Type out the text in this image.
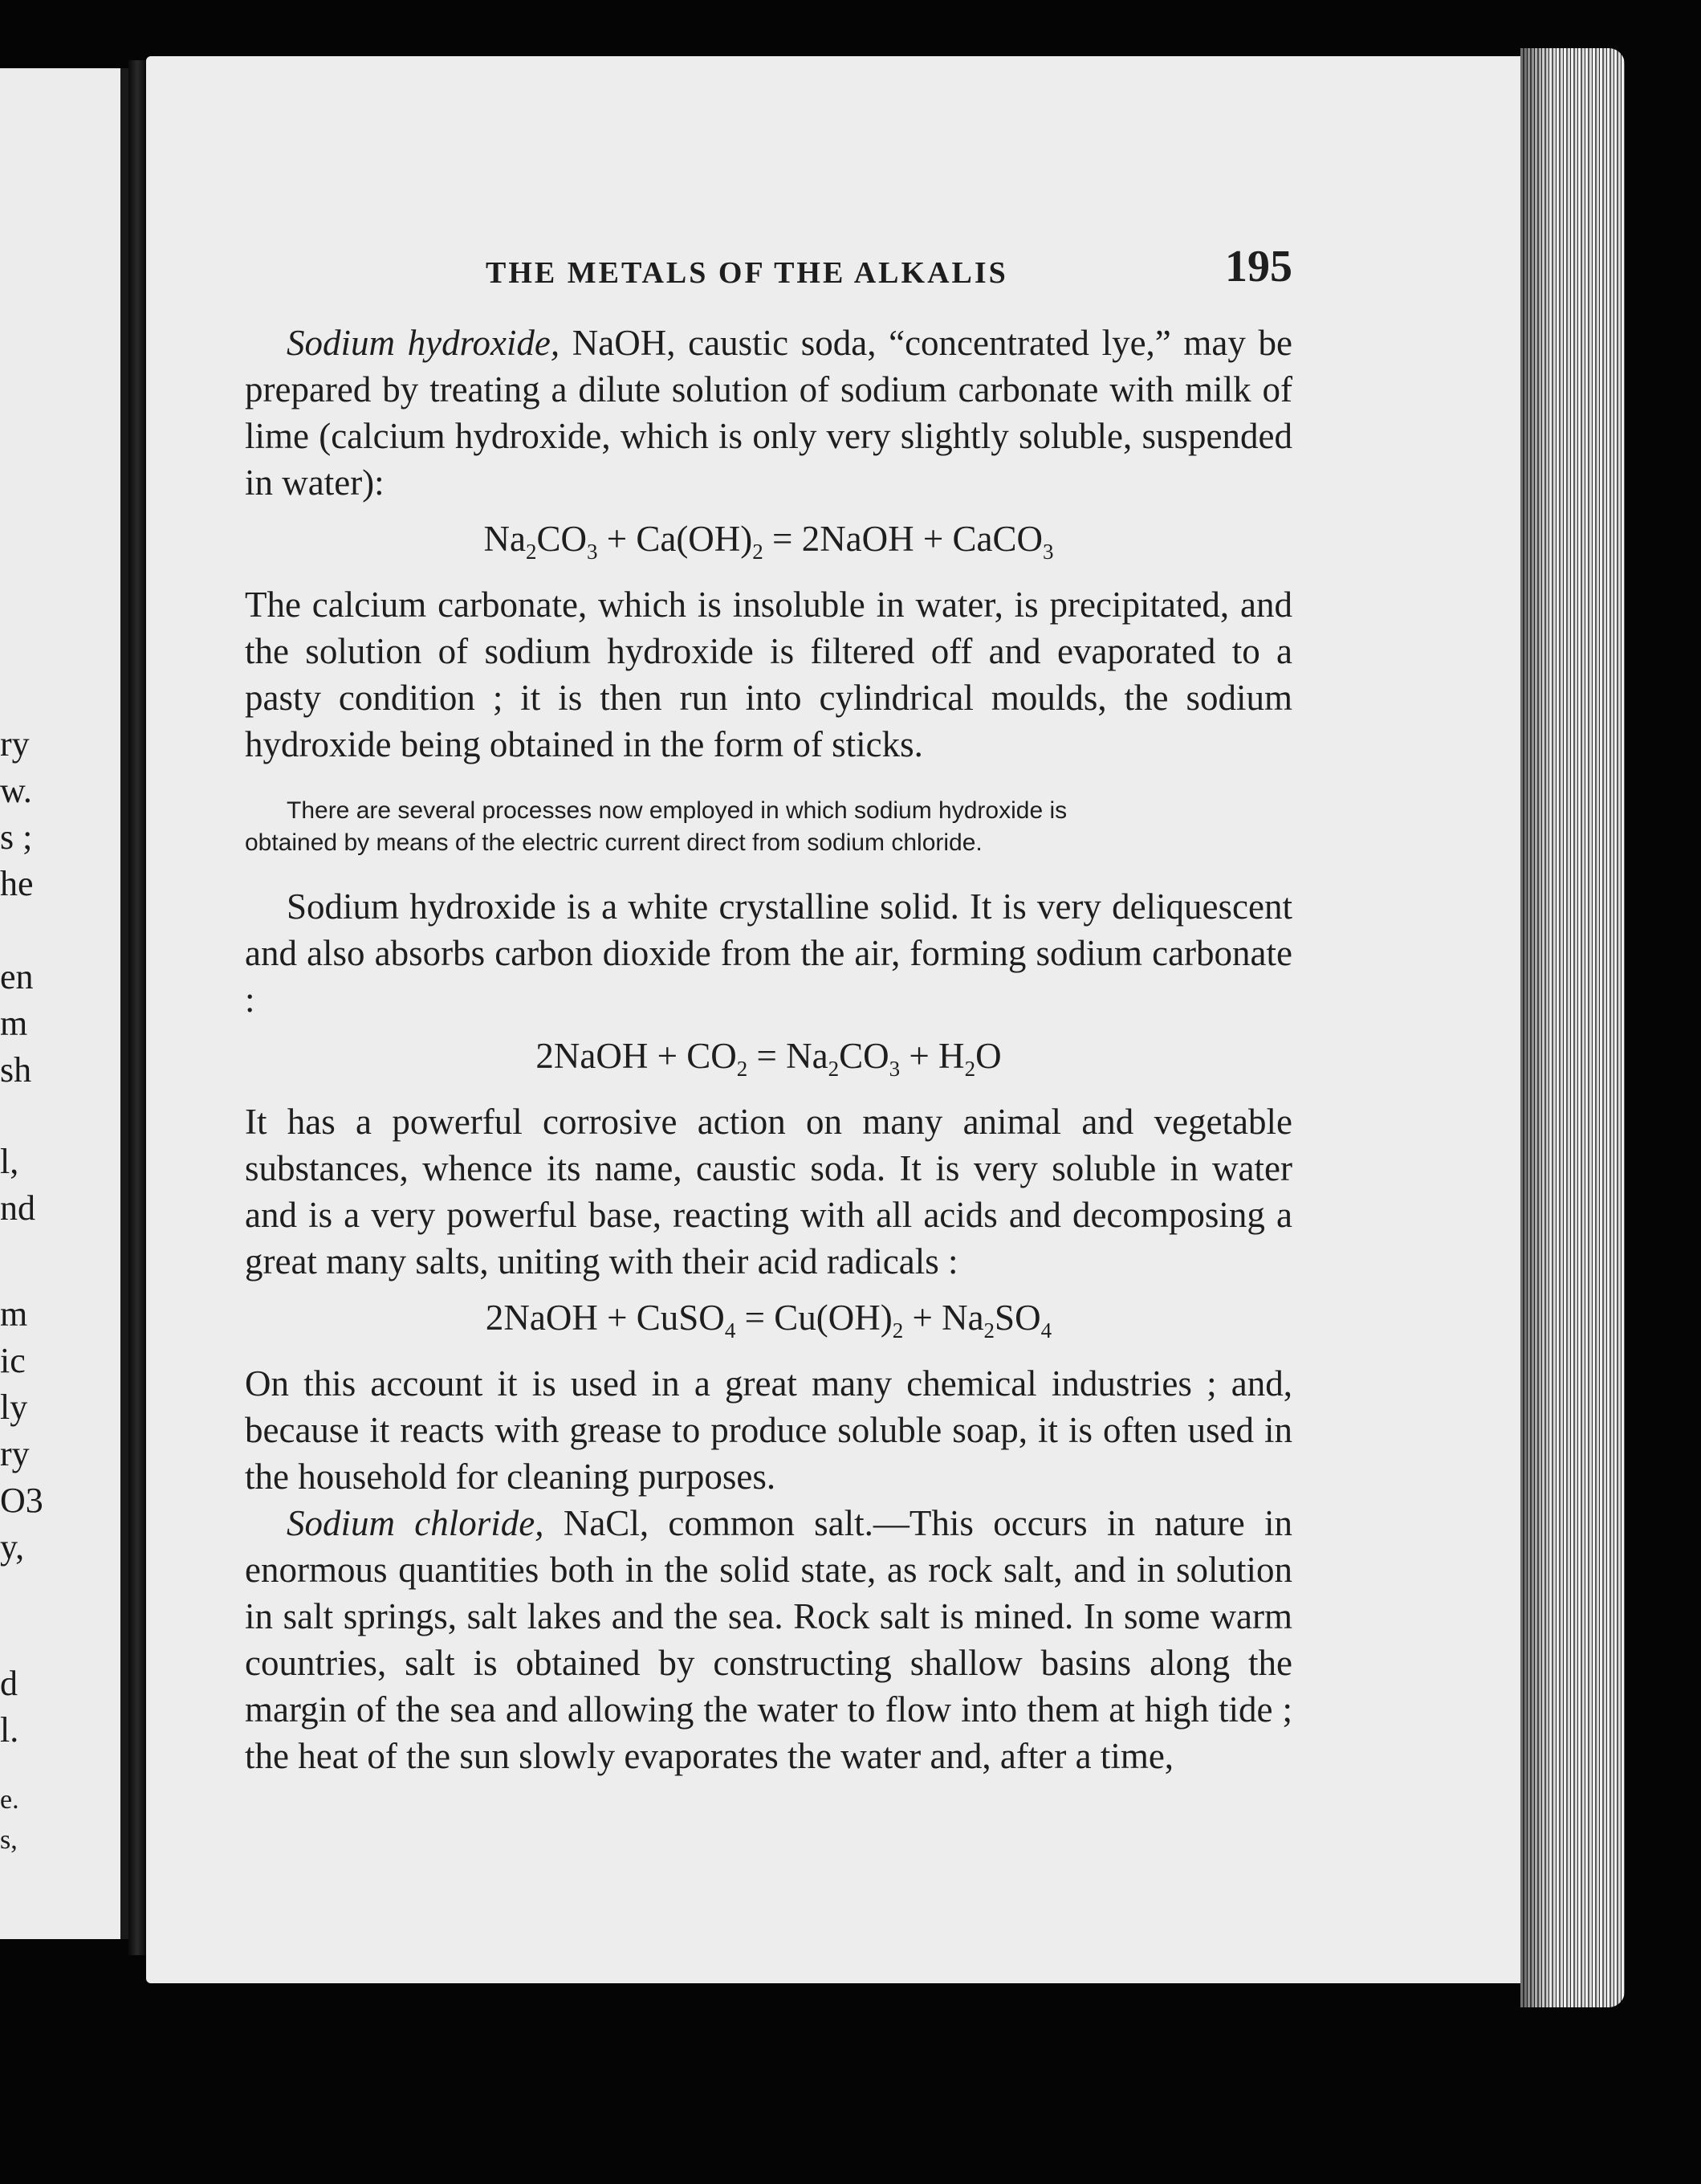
ry
w.
s ;
he
en
m
sh
l,
nd
m
ic
ly
ry
O3
y,
d
l.
e.
s,
THE METALS OF THE ALKALIS	195

Sodium hydroxide, NaOH, caustic soda, “concentrated lye,” may be prepared by treating a dilute solution of sodium carbonate with milk of lime (calcium hydroxide, which is only very slightly soluble, suspended in water):

$Na_2CO_3 + Ca(OH)_2$ = 2NaOH + CaCO$_3$

The calcium carbonate, which is insoluble in water, is precipitated, and the solution of sodium hydroxide is filtered off and evaporated to a pasty condition ; it is then run into cylindrical moulds, the sodium hydroxide being obtained in the form of sticks.

There are several processes now employed in which sodium hydroxide is
obtained by means of the electric current direct from sodium chloride.

Sodium hydroxide is a white crystalline solid. It is very deliquescent and also absorbs carbon dioxide from the air, forming sodium carbonate :

2NaOH + $CO_2 = Na_2CO_3 + H_2O$

It has a powerful corrosive action on many animal and vegetable substances, whence its name, caustic soda. It is very soluble in water and is a very powerful base, reacting with all acids and decomposing a great many salts, uniting with their acid radicals :

2NaOH + CuSO$_4$ = $Cu(OH)_2 + Na_2SO_4$

On this account it is used in a great many chemical industries ; and, because it reacts with grease to produce soluble soap, it is often used in the household for cleaning purposes.

Sodium chloride, NaCl, common salt.—This occurs in nature in enormous quantities both in the solid state, as rock salt, and in solution in salt springs, salt lakes and the sea. Rock salt is mined. In some warm countries, salt is obtained by constructing shallow basins along the margin of the sea and allowing the water to flow into them at high tide ; the heat of the sun slowly evaporates the water and, after a time,
